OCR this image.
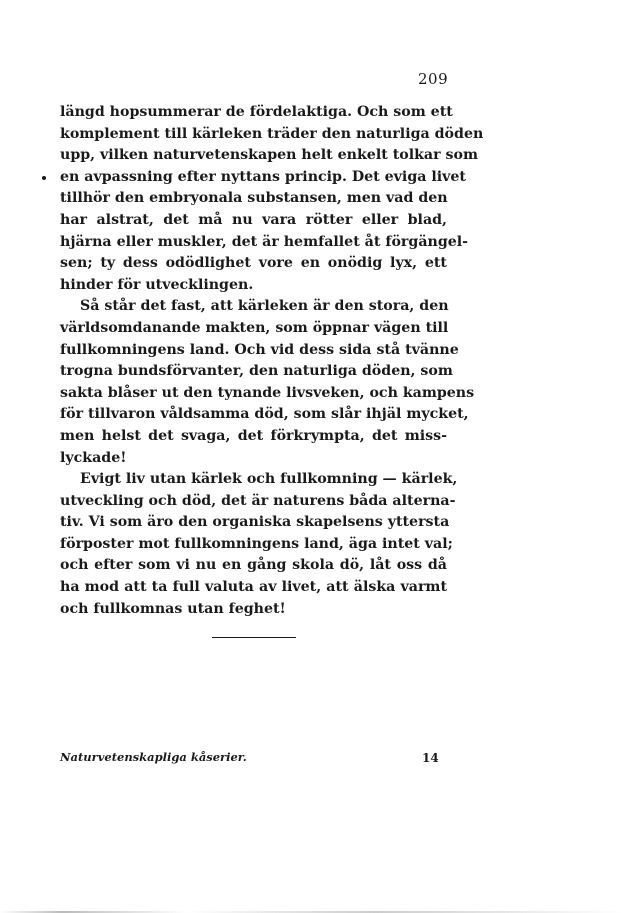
209
längd hopsummerar de fördelaktiga. Och som ett
komplement till kärleken träder den naturliga döden
upp, vilken naturvetenskapen helt enkelt tolkar som
en avpassning efter nyttans princip. Det eviga livet
tillhör den embryonala substansen, men vad den
har alstrat, det må nu vara rötter eller blad,
hjärna eller muskler, det är hemfallet åt förgängel-
sen; ty dess odödlighet vore en onödig lyx, ett
hinder för utvecklingen.
Så står det fast, att kärleken är den stora, den
världsomdanande makten, som öppnar vägen till
fullkomningens land. Och vid dess sida stå tvänne
trogna bundsförvanter, den naturliga döden, som
sakta blåser ut den tynande livsveken, och kampens
för tillvaron våldsamma död, som slår ihjäl mycket,
men helst det svaga, det förkrympta, det miss-
lyckade!
Evigt liv utan kärlek och fullkomning — kärlek,
utveckling och död, det är naturens båda alterna-
tiv. Vi som äro den organiska skapelsens yttersta
förposter mot fullkomningens land, äga intet val;
och efter som vi nu en gång skola dö, låt oss då
ha mod att ta full valuta av livet, att älska varmt
och fullkomnas utan feghet!
Naturvetenskapliga kåserier.	14
